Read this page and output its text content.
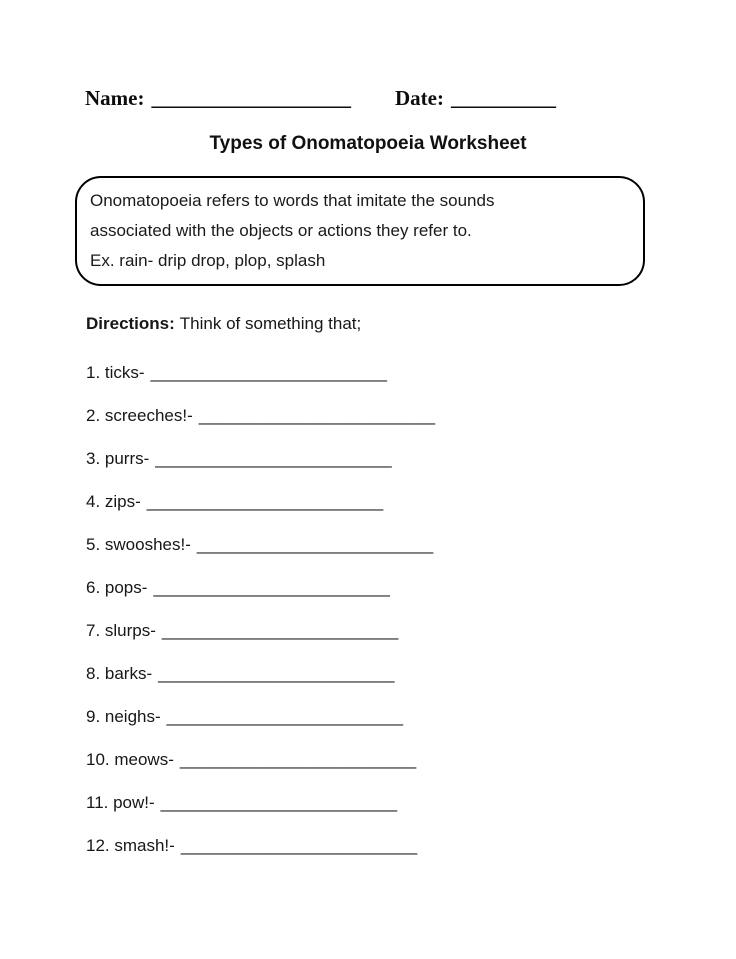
Name: ___________________ Date: __________
Types of Onomatopoeia Worksheet
Onomatopoeia refers to words that imitate the sounds
associated with the objects or actions they refer to.
Ex. rain- drip drop, plop, splash
Directions: Think of something that;
1. ticks- _________________________
2. screeches!- _________________________
3. purrs- _________________________
4. zips- _________________________
5. swooshes!- _________________________
6. pops- _________________________
7. slurps- _________________________
8. barks- _________________________
9. neighs- _________________________
10. meows- _________________________
11. pow!- _________________________
12. smash!- _________________________
